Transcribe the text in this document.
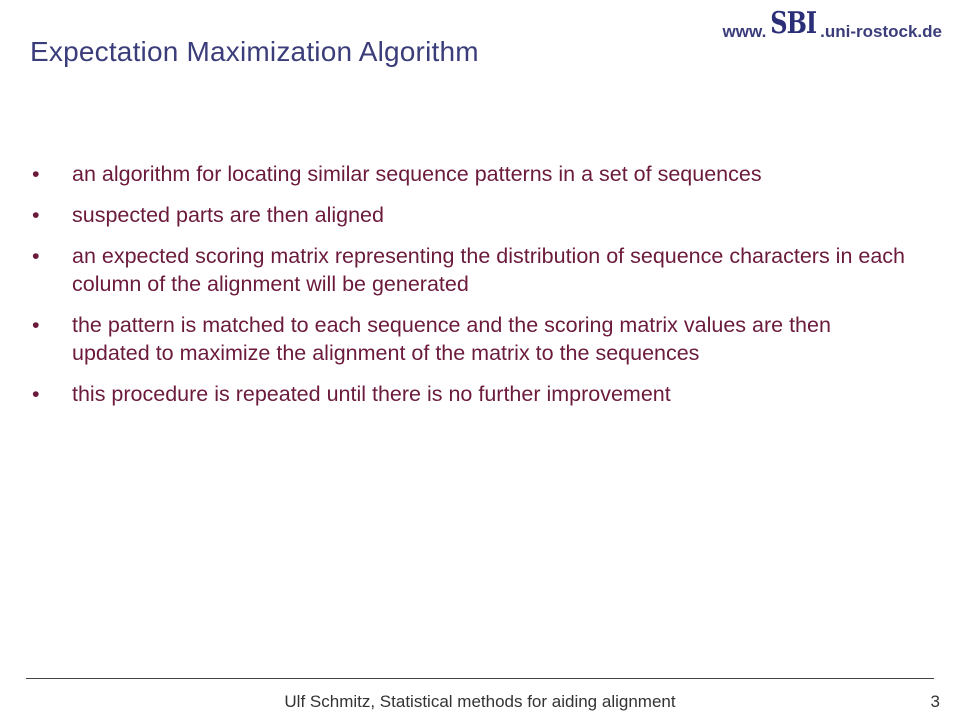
Expectation Maximization Algorithm
www. SBI .uni-rostock.de
• an algorithm for locating similar sequence patterns in a set of sequences
• suspected parts are then aligned
• an expected scoring matrix representing the distribution of sequence characters in each column of the alignment will be generated
• the pattern is matched to each sequence and the scoring matrix values are then updated to maximize the alignment of the matrix to the sequences
• this procedure is repeated until there is no further improvement
Ulf Schmitz, Statistical methods for aiding alignment	3
